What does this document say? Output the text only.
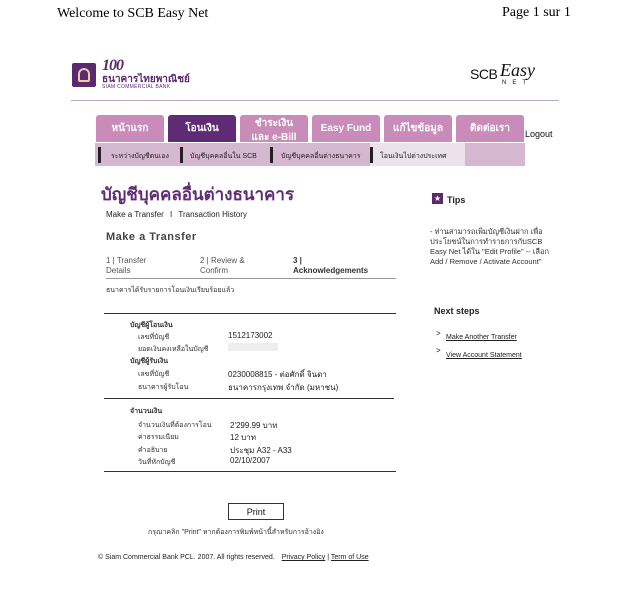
Welcome to SCB Easy Net	Page 1 sur 1
100
ธนาคารไทยพาณิชย์
SIAM COMMERCIAL BANK
SCB Easy
NET
หน้าแรก	โอนเงิน	ชำระเงิน
และ e-Bill
Easy Fund	แก้ไขข้อมูล	ติดต่อเรา	Logout
ระหว่างบัญชีตนเอง	บัญชีบุคคลอื่นใน SCB	บัญชีบุคคลอื่นต่างธนาคาร	โอนเงินไปต่างประเทศ
บัญชีบุคคลอื่นต่างธนาคาร
Make a Transfer I Transaction History
Make a Transfer
1 | Transfer
Details
2 | Review &
Confirm
3 |
Acknowledgements
ธนาคารได้รับรายการโอนเงินเรียบร้อยแล้ว
บัญชีผู้โอนเงิน
เลขที่บัญชี	1512173002
ยอดเงินคงเหลือในบัญชี
บัญชีผู้รับเงิน
เลขที่บัญชี	0230008815 - ต่อศักดิ์ จินดา
ธนาคารผู้รับโอน	ธนาคารกรุงเทพ จำกัด (มหาชน)
จำนวนเงิน
จำนวนเงินที่ต้องการโอน 2'299.99 บาท
ค่าธรรมเนียม	12 บาท
คำอธิบาย	ประชุม A32 - A33
วันที่หักบัญชี	02/10/2007
Print
กรุณาคลิก "Print" หากต้องการพิมพ์หน้านี้สำหรับการอ้างอิง
© Siam Commercial Bank PCL. 2007. All rights reserved. Privacy Policy | Term of Use
★ Tips
- ท่านสามารถเพิ่มบัญชีเงินฝาก เพื่อประโยชน์ในการทำรายการกับSCB Easy Net ได้ใน "Edit Profile" -- เลือก Add / Remove / Activate Account"
Next steps
> Make Another Transfer
>
View Account Statement
